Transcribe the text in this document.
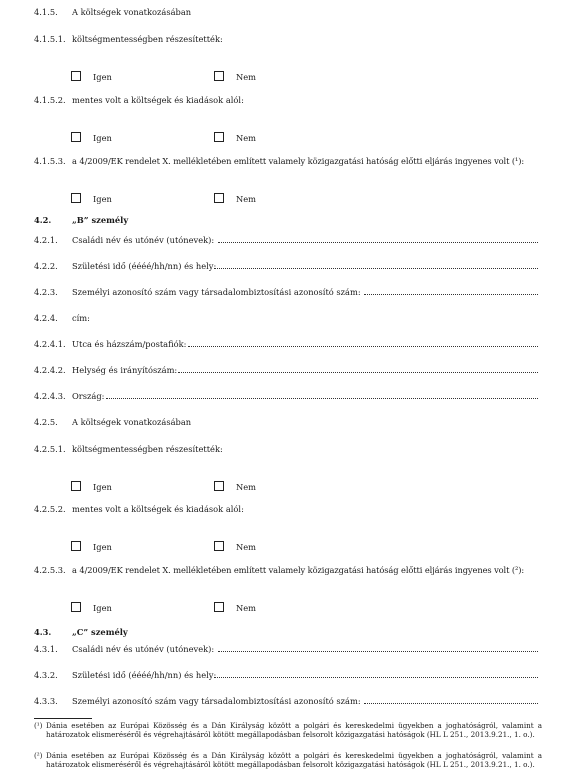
4.1.5. A költségek vonatkozásában
4.1.5.1. költségmentességben részesítették:
Igen	Nem
4.1.5.2. mentes volt a költségek és kiadások alól:
Igen	Nem
4.1.5.3. a 4/2009/EK rendelet X. mellékletében említett valamely közigazgatási hatóság előtti eljárás ingyenes volt (¹):
Igen	Nem
4.2. „B” személy
4.2.1. Családi név és utónév (utónevek):
4.2.2. Születési idő (éééé/hh/nn) és hely:
4.2.3. Személyi azonosító szám vagy társadalombiztosítási azonosító szám:
4.2.4. cím:
4.2.4.1. Utca és házszám/postafiók:
4.2.4.2. Helység és irányítószám:
4.2.4.3. Ország:
4.2.5. A költségek vonatkozásában
4.2.5.1. költségmentességben részesítették:
Igen	Nem
4.2.5.2. mentes volt a költségek és kiadások alól:
Igen	Nem
4.2.5.3. a 4/2009/EK rendelet X. mellékletében említett valamely közigazgatási hatóság előtti eljárás ingyenes volt (²):
Igen	Nem
4.3. „C” személy
4.3.1. Családi név és utónév (utónevek):
4.3.2. Születési idő (éééé/hh/nn) és hely:
4.3.3. Személyi azonosító szám vagy társadalombiztosítási azonosító szám:
(¹) Dánia esetében az Európai Közösség és a Dán Királyság között a polgári és kereskedelmi ügyekben a joghatóságról, valamint a határozatok elismeréséről és végrehajtásáról kötött megállapodásban felsorolt közigazgatási hatóságok (HL L 251., 2013.9.21., 1. o.).
(²) Dánia esetében az Európai Közösség és a Dán Királyság között a polgári és kereskedelmi ügyekben a joghatóságról, valamint a határozatok elismeréséről és végrehajtásáról kötött megállapodásban felsorolt közigazgatási hatóságok (HL L 251., 2013.9.21., 1. o.).
